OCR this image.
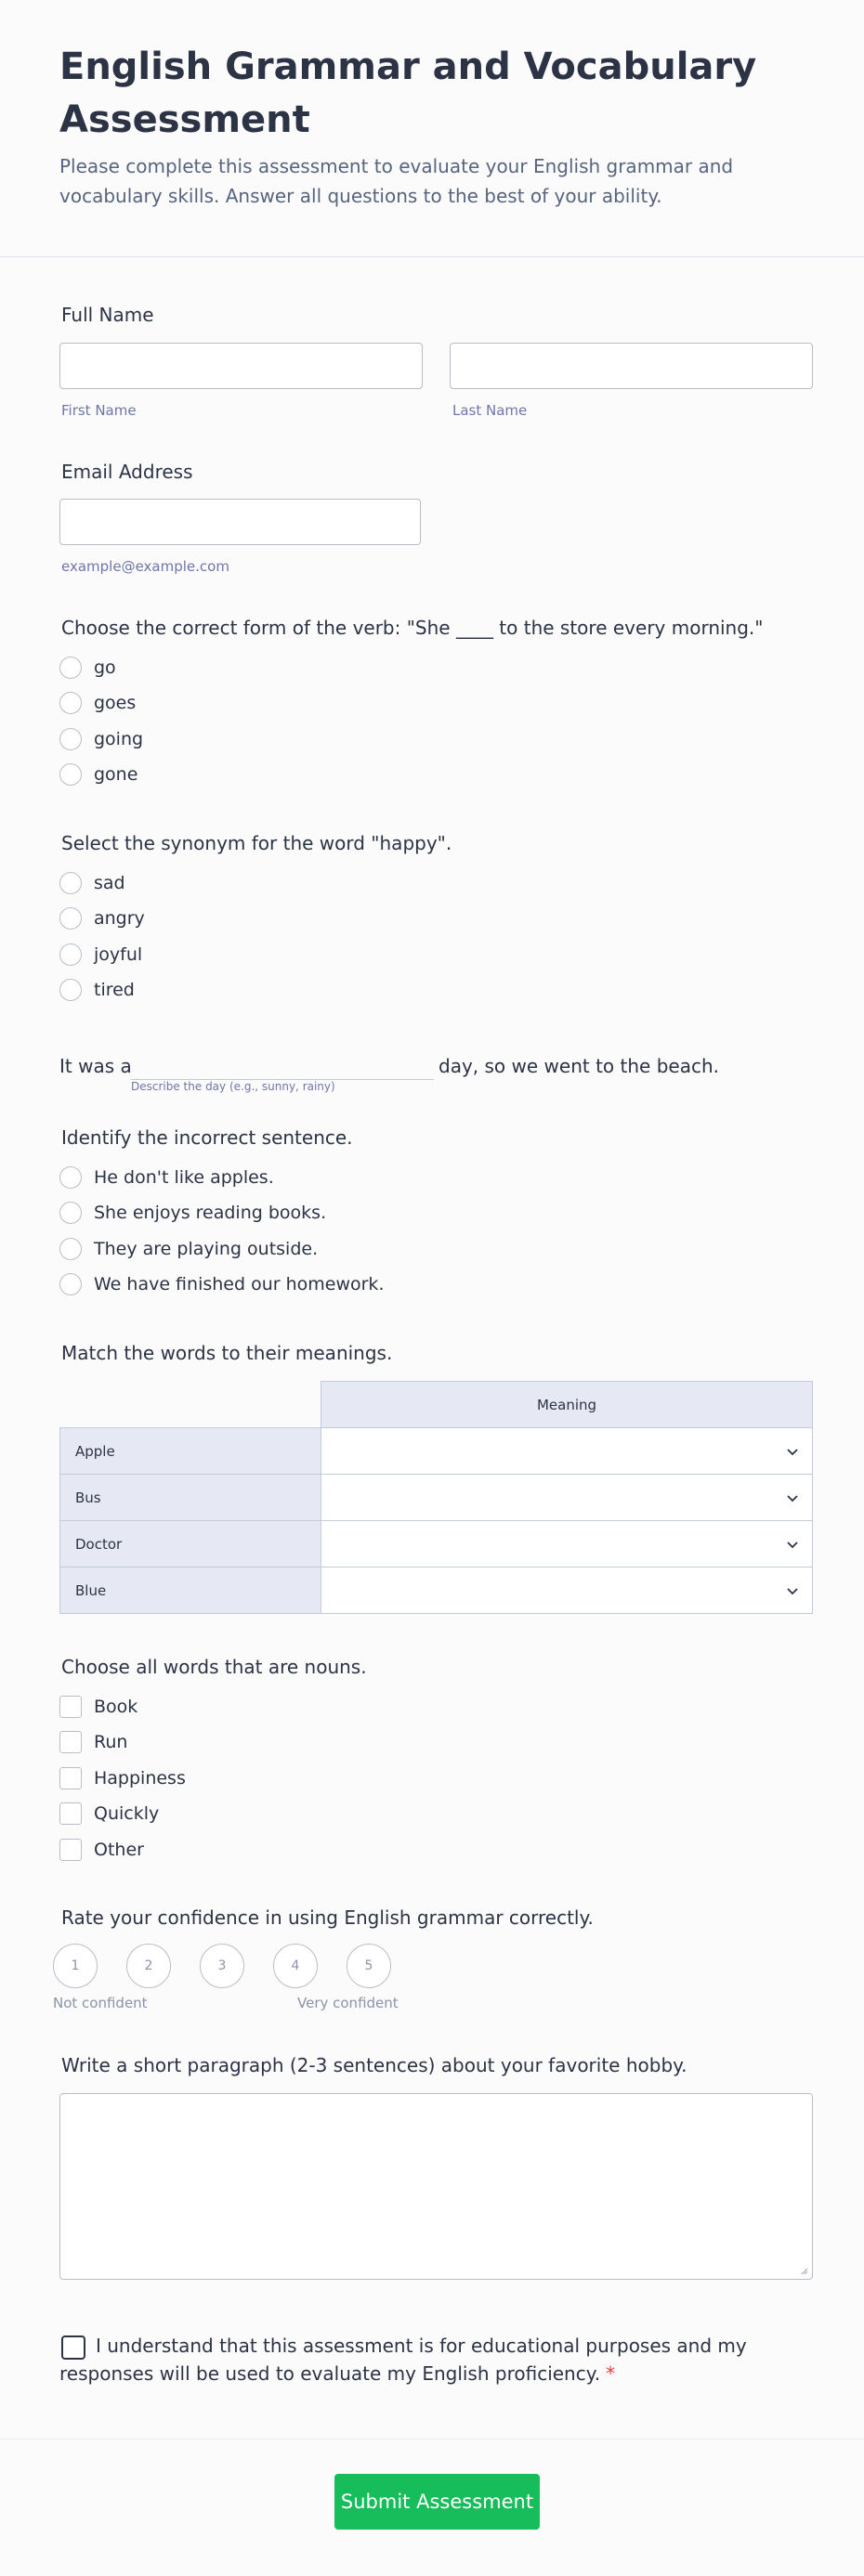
English Grammar and Vocabulary Assessment

Please complete this assessment to evaluate your English grammar and vocabulary skills. Answer all questions to the best of your ability.

Full Name
First Name	Last Name
Email Address
example@example.com
Choose the correct form of the verb: "She ____ to the store every morning."
go
goes
going
gone
Select the synonym for the word "happy".
sad
angry
joyful
tired
It was a	day, so we went to the beach.
Describe the day (e.g., sunny, rainy)
Identify the incorrect sentence.
He don't like apples.
She enjoys reading books.
They are playing outside.
We have finished our homework.
Match the words to their meanings.
	Meaning
Apple	

Bus	

Doctor	

Blue	
Choose all words that are nouns.
Book
Run
Happiness
Quickly
Other
Rate your confidence in using English grammar correctly.
1	2	3	4	5
Not confident	Very confident
Write a short paragraph (2-3 sentences) about your favorite hobby.
I understand that this assessment is for educational purposes and my responses will be used to evaluate my English proficiency. *
Submit Assessment
